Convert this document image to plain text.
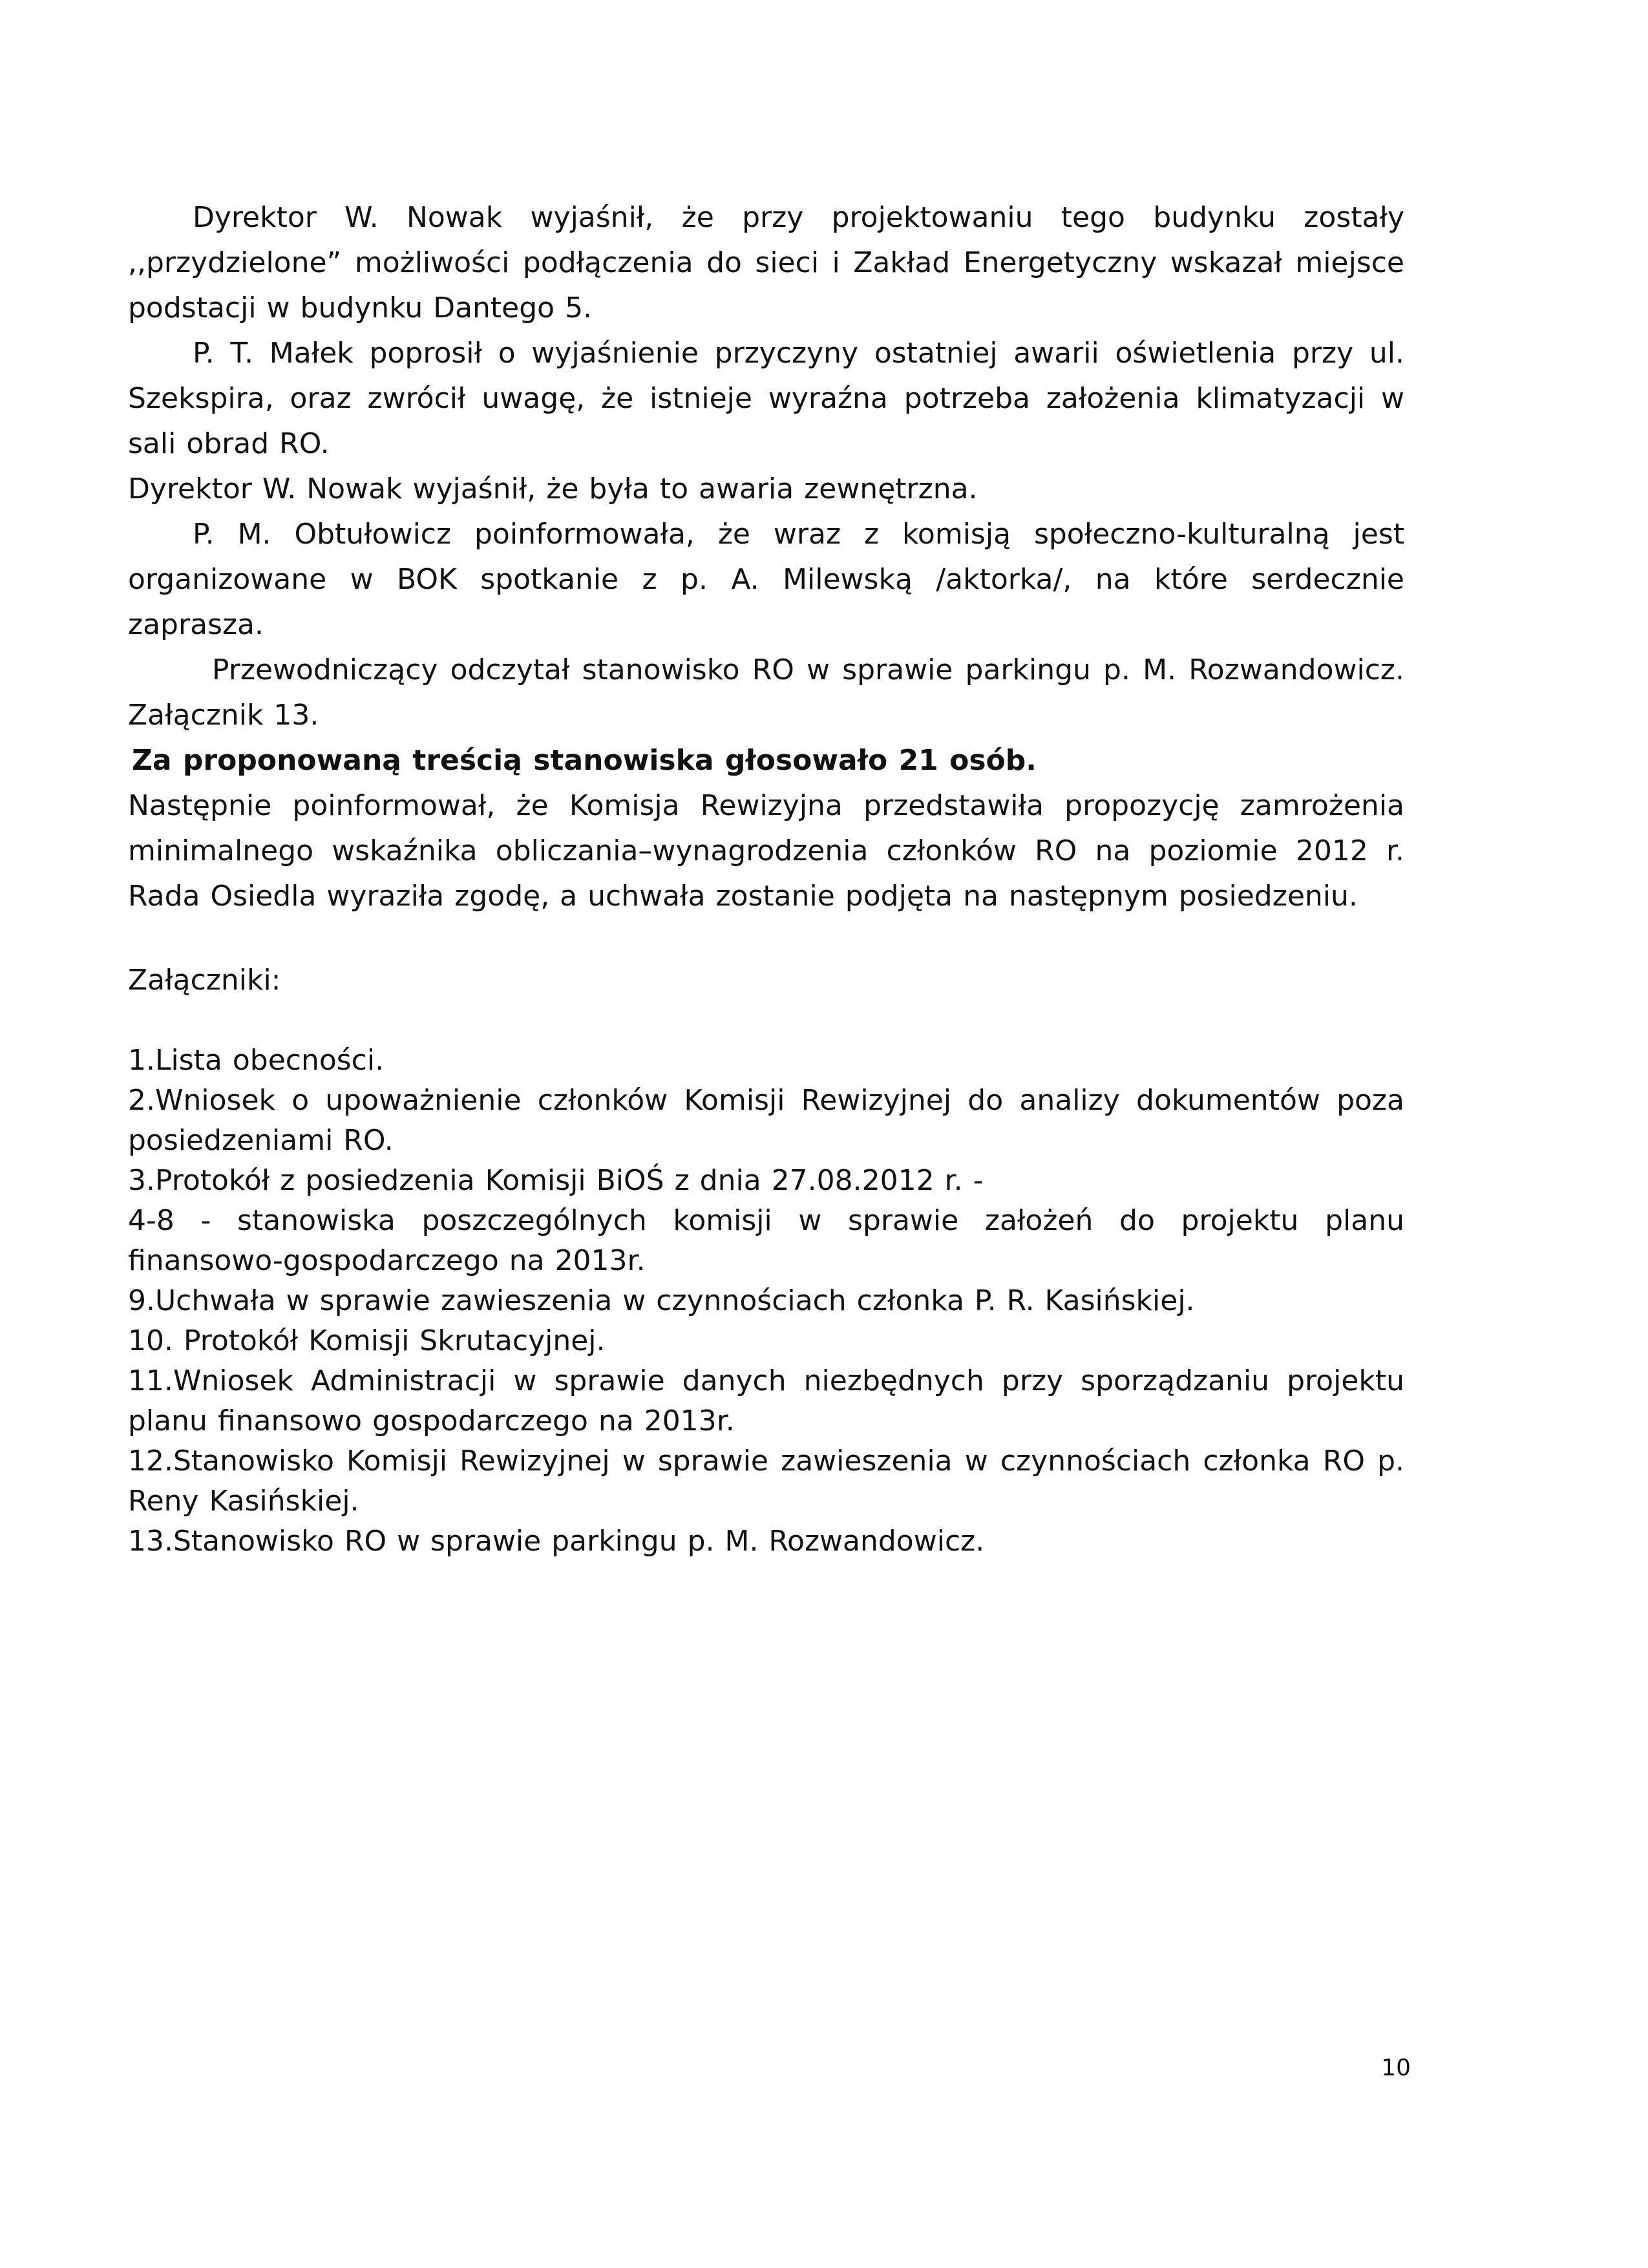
Dyrektor W. Nowak wyjaśnił, że przy projektowaniu tego budynku zostały ,,przydzielone” możliwości podłączenia do sieci i Zakład Energetyczny wskazał miejsce podstacji w budynku Dantego 5.

P. T. Małek poprosił o wyjaśnienie przyczyny ostatniej awarii oświetlenia przy ul. Szekspira, oraz zwrócił uwagę, że istnieje wyraźna potrzeba założenia klimatyzacji w sali obrad RO.

Dyrektor W. Nowak wyjaśnił, że była to awaria zewnętrzna.

P. M. Obtułowicz poinformowała, że wraz z komisją społeczno-kulturalną jest organizowane w BOK spotkanie z p. A. Milewską /aktorka/, na które serdecznie zaprasza.

Przewodniczący odczytał stanowisko RO w sprawie parkingu p. M. Rozwandowicz. Załącznik 13.

Za proponowaną treścią stanowiska głosowało 21 osób.

Następnie poinformował, że Komisja Rewizyjna przedstawiła propozycję zamrożenia minimalnego wskaźnika obliczania–wynagrodzenia członków RO na poziomie 2012 r. Rada Osiedla wyraziła zgodę, a uchwała zostanie podjęta na następnym posiedzeniu.

Załączniki:

1.Lista obecności.

2.Wniosek o upoważnienie członków Komisji Rewizyjnej do analizy dokumentów poza posiedzeniami RO.

3.Protokół z posiedzenia Komisji BiOŚ z dnia 27.08.2012 r. -

4-8 - stanowiska poszczególnych komisji w sprawie założeń do projektu planu finansowo-gospodarczego na 2013r.

9.Uchwała w sprawie zawieszenia w czynnościach członka P. R. Kasińskiej.

10. Protokół Komisji Skrutacyjnej.

11.Wniosek Administracji w sprawie danych niezbędnych przy sporządzaniu projektu planu finansowo gospodarczego na 2013r.

12.Stanowisko Komisji Rewizyjnej w sprawie zawieszenia w czynnościach członka RO p. Reny Kasińskiej.

13.Stanowisko RO w sprawie parkingu p. M. Rozwandowicz.

10
